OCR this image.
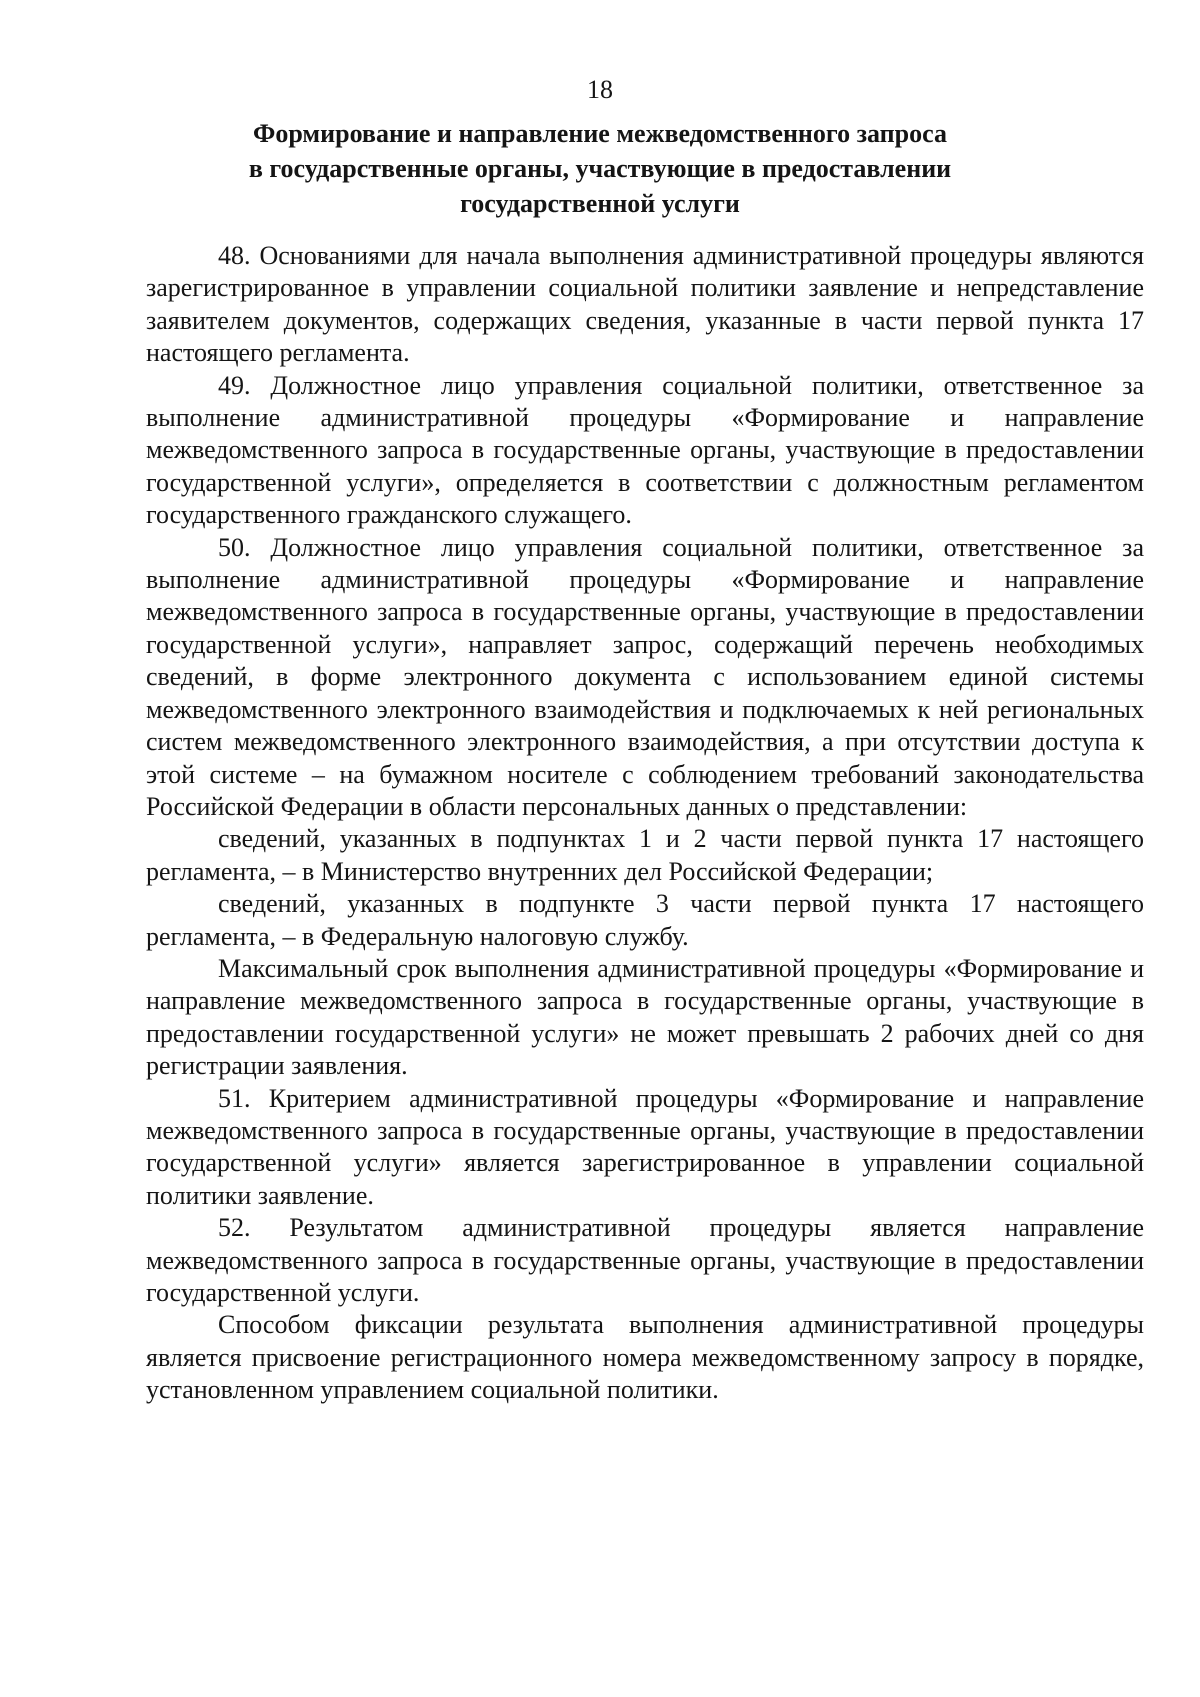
18
Формирование и направление межведомственного запроса
в государственные органы, участвующие в предоставлении
государственной услуги

48. Основаниями для начала выполнения административной процедуры являются зарегистрированное в управлении социальной политики заявление и непредставление заявителем документов, содержащих сведения, указанные в части первой пункта 17 настоящего регламента.

49. Должностное лицо управления социальной политики, ответственное за выполнение административной процедуры «Формирование и направление межведомственного запроса в государственные органы, участвующие в предоставлении государственной услуги», определяется в соответствии с должностным регламентом государственного гражданского служащего.

50. Должностное лицо управления социальной политики, ответственное за выполнение административной процедуры «Формирование и направление межведомственного запроса в государственные органы, участвующие в предоставлении государственной услуги», направляет запрос, содержащий перечень необходимых сведений, в форме электронного документа с использованием единой системы межведомственного электронного взаимодействия и подключаемых к ней региональных систем межведомственного электронного взаимодействия, а при отсутствии доступа к этой системе – на бумажном носителе с соблюдением требований законодательства Российской Федерации в области персональных данных о представлении:

сведений, указанных в подпунктах 1 и 2 части первой пункта 17 настоящего регламента, – в Министерство внутренних дел Российской Федерации;

сведений, указанных в подпункте 3 части первой пункта 17 настоящего регламента, – в Федеральную налоговую службу.

Максимальный срок выполнения административной процедуры «Формирование и направление межведомственного запроса в государственные органы, участвующие в предоставлении государственной услуги» не может превышать 2 рабочих дней со дня регистрации заявления.

51. Критерием административной процедуры «Формирование и направление межведомственного запроса в государственные органы, участвующие в предоставлении государственной услуги» является зарегистрированное в управлении социальной политики заявление.

52. Результатом административной процедуры является направление межведомственного запроса в государственные органы, участвующие в предоставлении государственной услуги.

Способом фиксации результата выполнения административной процедуры является присвоение регистрационного номера межведомственному запросу в порядке, установленном управлением социальной политики.
